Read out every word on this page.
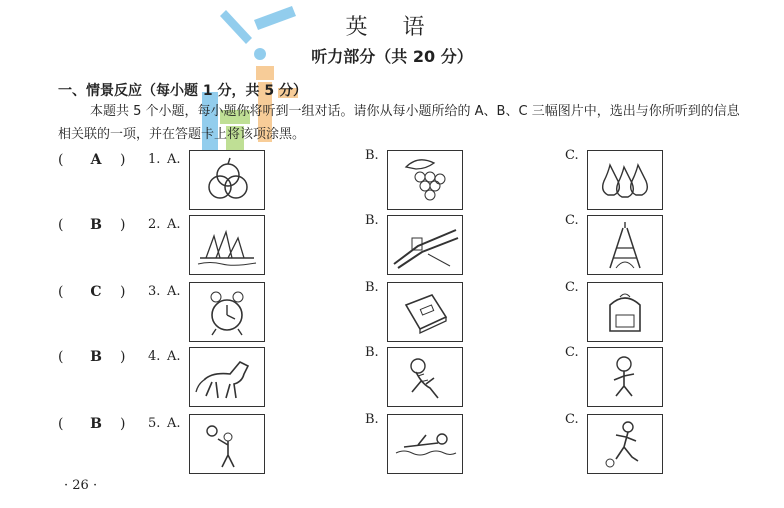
英 语
听力部分（共 20 分）
一、情景反应（每小题 1 分，共 5 分）
本题共 5 个小题，每小题你将听到一组对话。请你从每小题所给的 A、B、C 三幅图片中，选出与你所听到的信息相关联的一项，并在答题卡上将该项涂黑。
(	A	) 1. A.	B.	C.
( B ) 2. A.	B.	C.
(	C	) 3. A.	B.	C.
( B ) 4. A.	B.	C.
( B ) 5. A.	B.	C.
· 26 ·
